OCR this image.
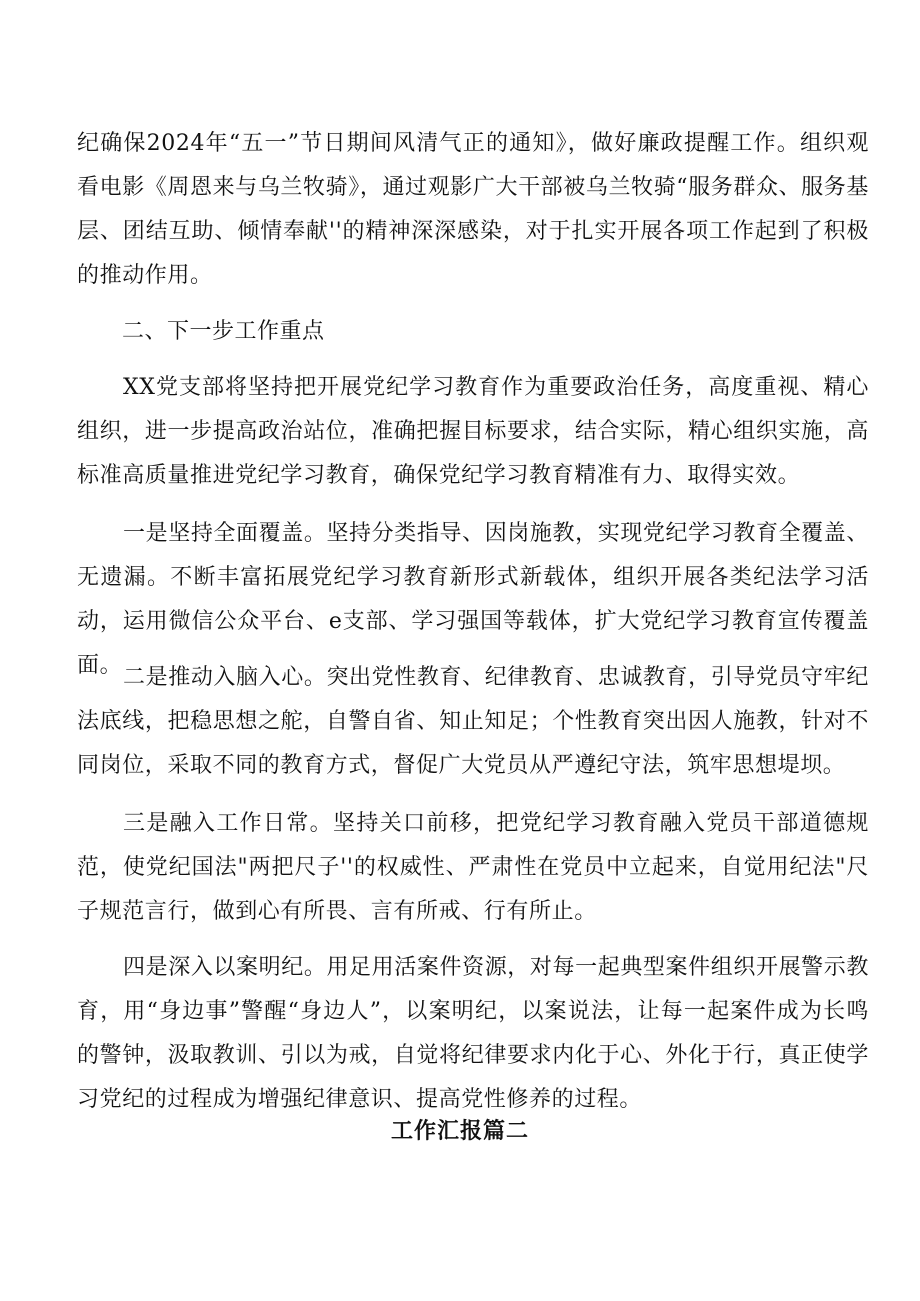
纪确保2024年“五一”节日期间风清气正的通知》，做好廉政提醒工作。组织观看电影《周恩来与乌兰牧骑》，通过观影广大干部被乌兰牧骑“服务群众、服务基层、团结互助、倾情奉献''的精神深深感染，对于扎实开展各项工作起到了积极的推动作用。

二、下一步工作重点

XX党支部将坚持把开展党纪学习教育作为重要政治任务，高度重视、精心组织，进一步提高政治站位，准确把握目标要求，结合实际，精心组织实施，高标准高质量推进党纪学习教育，确保党纪学习教育精准有力、取得实效。

一是坚持全面覆盖。坚持分类指导、因岗施教，实现党纪学习教育全覆盖、无遗漏。不断丰富拓展党纪学习教育新形式新载体，组织开展各类纪法学习活动，运用微信公众平台、e支部、学习强国等载体，扩大党纪学习教育宣传覆盖面。 二是推动入脑入心。突出党性教育、纪律教育、忠诚教育，引导党员守牢纪法底线，把稳思想之舵，自警自省、知止知足；个性教育突出因人施教，针对不同岗位，采取不同的教育方式，督促广大党员从严遵纪守法，筑牢思想堤坝。

三是融入工作日常。坚持关口前移，把党纪学习教育融入党员干部道德规范，使党纪国法"两把尺子''的权威性、严肃性在党员中立起来，自觉用纪法"尺子规范言行，做到心有所畏、言有所戒、行有所止。

四是深入以案明纪。用足用活案件资源，对每一起典型案件组织开展警示教育，用“身边事”警醒“身边人”，以案明纪，以案说法，让每一起案件成为长鸣的警钟，汲取教训、引以为戒，自觉将纪律要求内化于心、外化于行，真正使学习党纪的过程成为增强纪律意识、提高党性修养的过程。

工作汇报篇二
